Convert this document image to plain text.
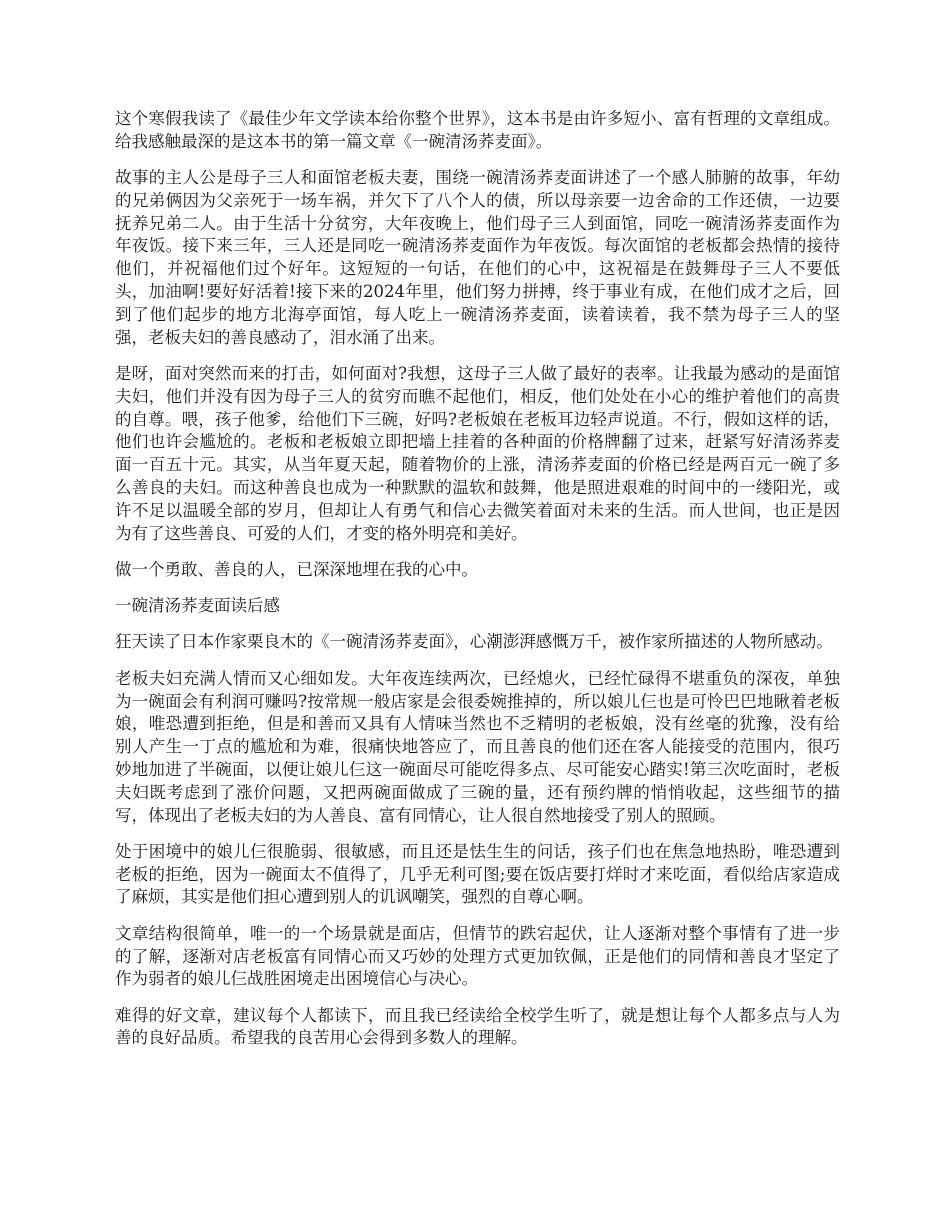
这个寒假我读了《最佳少年文学读本给你整个世界》，这本书是由许多短小、富有哲理的文章组成。给我感触最深的是这本书的第一篇文章《一碗清汤荞麦面》。

故事的主人公是母子三人和面馆老板夫妻，围绕一碗清汤荞麦面讲述了一个感人肺腑的故事，年幼的兄弟俩因为父亲死于一场车祸，并欠下了八个人的债，所以母亲要一边舍命的工作还债，一边要抚养兄弟二人。由于生活十分贫穷，大年夜晚上，他们母子三人到面馆，同吃一碗清汤荞麦面作为年夜饭。接下来三年，三人还是同吃一碗清汤荞麦面作为年夜饭。每次面馆的老板都会热情的接待他们，并祝福他们过个好年。这短短的一句话，在他们的心中，这祝福是在鼓舞母子三人不要低头，加油啊!要好好活着!接下来的2024年里，他们努力拼搏，终于事业有成，在他们成才之后，回到了他们起步的地方北海亭面馆，每人吃上一碗清汤荞麦面，读着读着，我不禁为母子三人的坚强，老板夫妇的善良感动了，泪水涌了出来。

是呀，面对突然而来的打击，如何面对?我想，这母子三人做了最好的表率。让我最为感动的是面馆夫妇，他们并没有因为母子三人的贫穷而瞧不起他们，相反，他们处处在小心的维护着他们的高贵的自尊。喂，孩子他爹，给他们下三碗，好吗?老板娘在老板耳边轻声说道。不行，假如这样的话，他们也许会尴尬的。老板和老板娘立即把墙上挂着的各种面的价格牌翻了过来，赶紧写好清汤荞麦面一百五十元。其实，从当年夏天起，随着物价的上涨，清汤荞麦面的价格已经是两百元一碗了多么善良的夫妇。而这种善良也成为一种默默的温软和鼓舞，他是照进艰难的时间中的一缕阳光，或许不足以温暖全部的岁月，但却让人有勇气和信心去微笑着面对未来的生活。而人世间，也正是因为有了这些善良、可爱的人们，才变的格外明亮和美好。

做一个勇敢、善良的人，已深深地埋在我的心中。

一碗清汤荞麦面读后感

狂天读了日本作家栗良木的《一碗清汤荞麦面》，心潮澎湃感慨万千，被作家所描述的人物所感动。

老板夫妇充满人情而又心细如发。大年夜连续两次，已经熄火，已经忙碌得不堪重负的深夜，单独为一碗面会有利润可赚吗?按常规一般店家是会很委婉推掉的，所以娘儿仨也是可怜巴巴地瞅着老板娘，唯恐遭到拒绝，但是和善而又具有人情味当然也不乏精明的老板娘，没有丝毫的犹豫，没有给别人产生一丁点的尴尬和为难，很痛快地答应了，而且善良的他们还在客人能接受的范围内，很巧妙地加进了半碗面，以便让娘儿仨这一碗面尽可能吃得多点、尽可能安心踏实!第三次吃面时，老板夫妇既考虑到了涨价问题，又把两碗面做成了三碗的量，还有预约牌的悄悄收起，这些细节的描写，体现出了老板夫妇的为人善良、富有同情心，让人很自然地接受了别人的照顾。

处于困境中的娘儿仨很脆弱、很敏感，而且还是怯生生的问话，孩子们也在焦急地热盼，唯恐遭到老板的拒绝，因为一碗面太不值得了，几乎无利可图;要在饭店要打烊时才来吃面，看似给店家造成了麻烦，其实是他们担心遭到别人的讥讽嘲笑，强烈的自尊心啊。

文章结构很简单，唯一的一个场景就是面店，但情节的跌宕起伏，让人逐渐对整个事情有了进一步的了解，逐渐对店老板富有同情心而又巧妙的处理方式更加钦佩，正是他们的同情和善良才坚定了作为弱者的娘儿仨战胜困境走出困境信心与决心。

难得的好文章，建议每个人都读下，而且我已经读给全校学生听了，就是想让每个人都多点与人为善的良好品质。希望我的良苦用心会得到多数人的理解。
